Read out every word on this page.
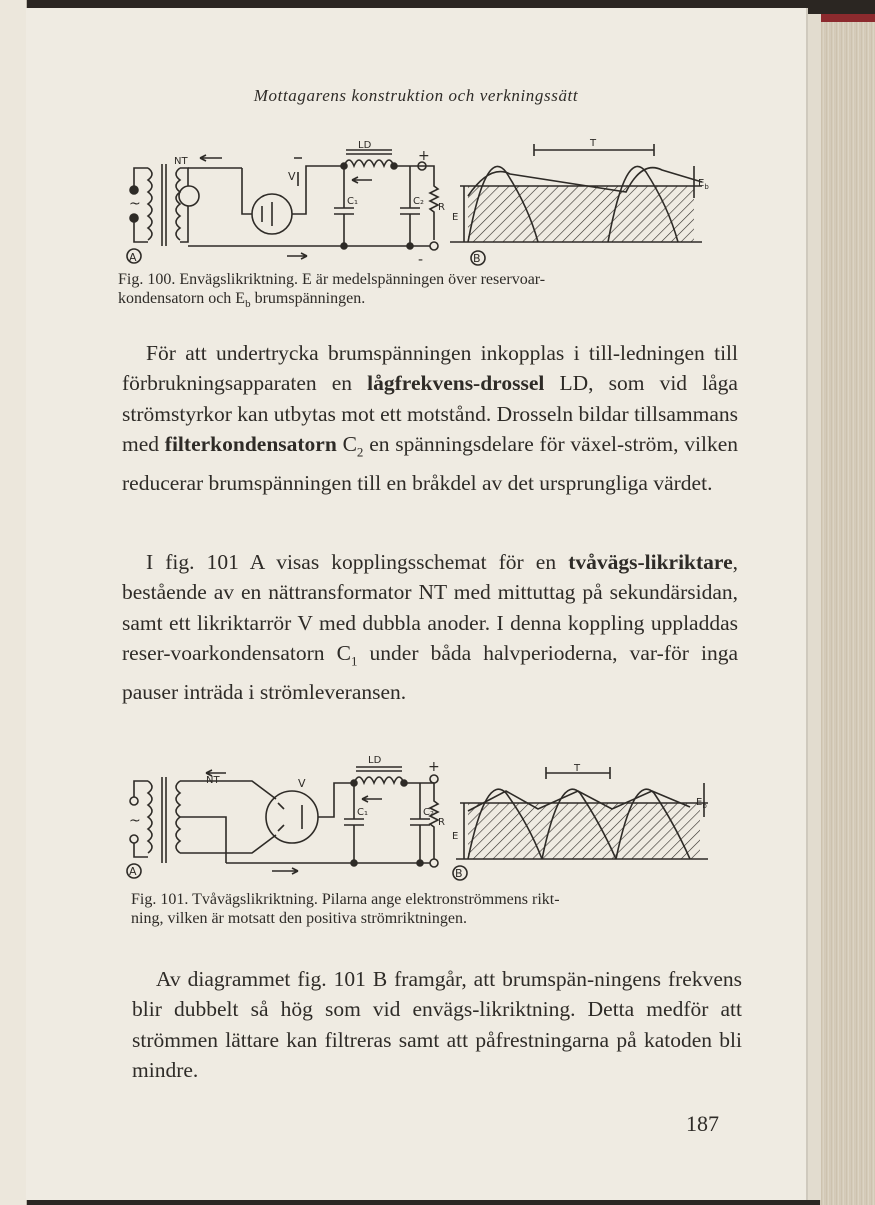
Mottagarens konstruktion och verkningssätt
~
A
NT
LD
V
C₁	C₂
R
+
-
T
$E_b$
E
B
Fig. 100. Envägslikriktning. E är medelspänningen över reservoar-
kondensatorn och $E_b$ brumspänningen.
För att undertrycka brumspänningen inkopplas i till-ledningen till förbrukningsapparaten en lågfrekvens-drossel LD, som vid låga strömstyrkor kan utbytas mot ett motstånd. Drosseln bildar tillsammans med filterkondensatorn $C_2$ en spänningsdelare för växel-ström, vilken reducerar brumspänningen till en bråkdel av det ursprungliga värdet.
I fig. 101 A visas kopplingsschemat för en tvåvägs-likriktare, bestående av en nättransformator NT med mittuttag på sekundärsidan, samt ett likriktarrör V med dubbla anoder. I denna koppling uppladdas reser-voarkondensatorn $C_1$ under båda halvperioderna, var-för inga pauser inträda i strömleveransen.
~
A
NT
LD
V
C₁	C₂
R
+	T
$E_b$
E
B
Fig. 101. Tvåvägslikriktning. Pilarna ange elektronströmmens rikt-
ning, vilken är motsatt den positiva strömriktningen.
Av diagrammet fig. 101 B framgår, att brumspän-ningens frekvens blir dubbelt så hög som vid envägs-likriktning. Detta medför att strömmen lättare kan filtreras samt att påfrestningarna på katoden bli mindre.
187
